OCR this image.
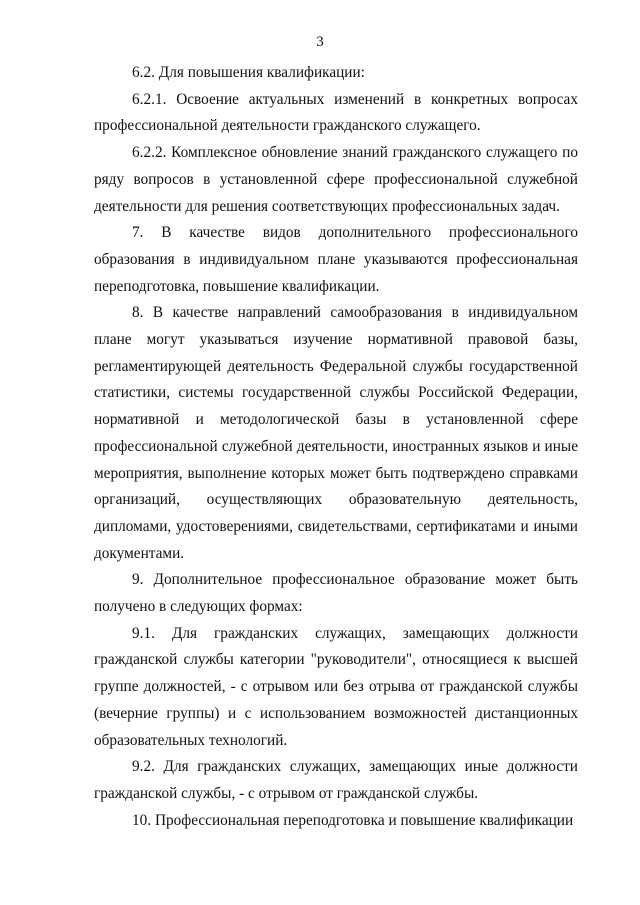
3

6.2. Для повышения квалификации:

6.2.1. Освоение актуальных изменений в конкретных вопросах профессиональной деятельности гражданского служащего.

6.2.2. Комплексное обновление знаний гражданского служащего по ряду вопросов в установленной сфере профессиональной служебной деятельности для решения соответствующих профессиональных задач.

7. В качестве видов дополнительного профессионального образования в индивидуальном плане указываются профессиональная переподготовка, повышение квалификации.

8. В качестве направлений самообразования в индивидуальном плане могут указываться изучение нормативной правовой базы, регламентирующей деятельность Федеральной службы государственной статистики, системы государственной службы Российской Федерации, нормативной и методологической базы в установленной сфере профессиональной служебной деятельности, иностранных языков и иные мероприятия, выполнение которых может быть подтверждено справками организаций, осуществляющих образовательную деятельность, дипломами, удостоверениями, свидетельствами, сертификатами и иными документами.

9. Дополнительное профессиональное образование может быть получено в следующих формах:

9.1. Для гражданских служащих, замещающих должности гражданской службы категории "руководители", относящиеся к высшей группе должностей, - с отрывом или без отрыва от гражданской службы (вечерние группы) и с использованием возможностей дистанционных образовательных технологий.

9.2. Для гражданских служащих, замещающих иные должности гражданской службы, - с отрывом от гражданской службы.

10. Профессиональная переподготовка и повышение квалификации
